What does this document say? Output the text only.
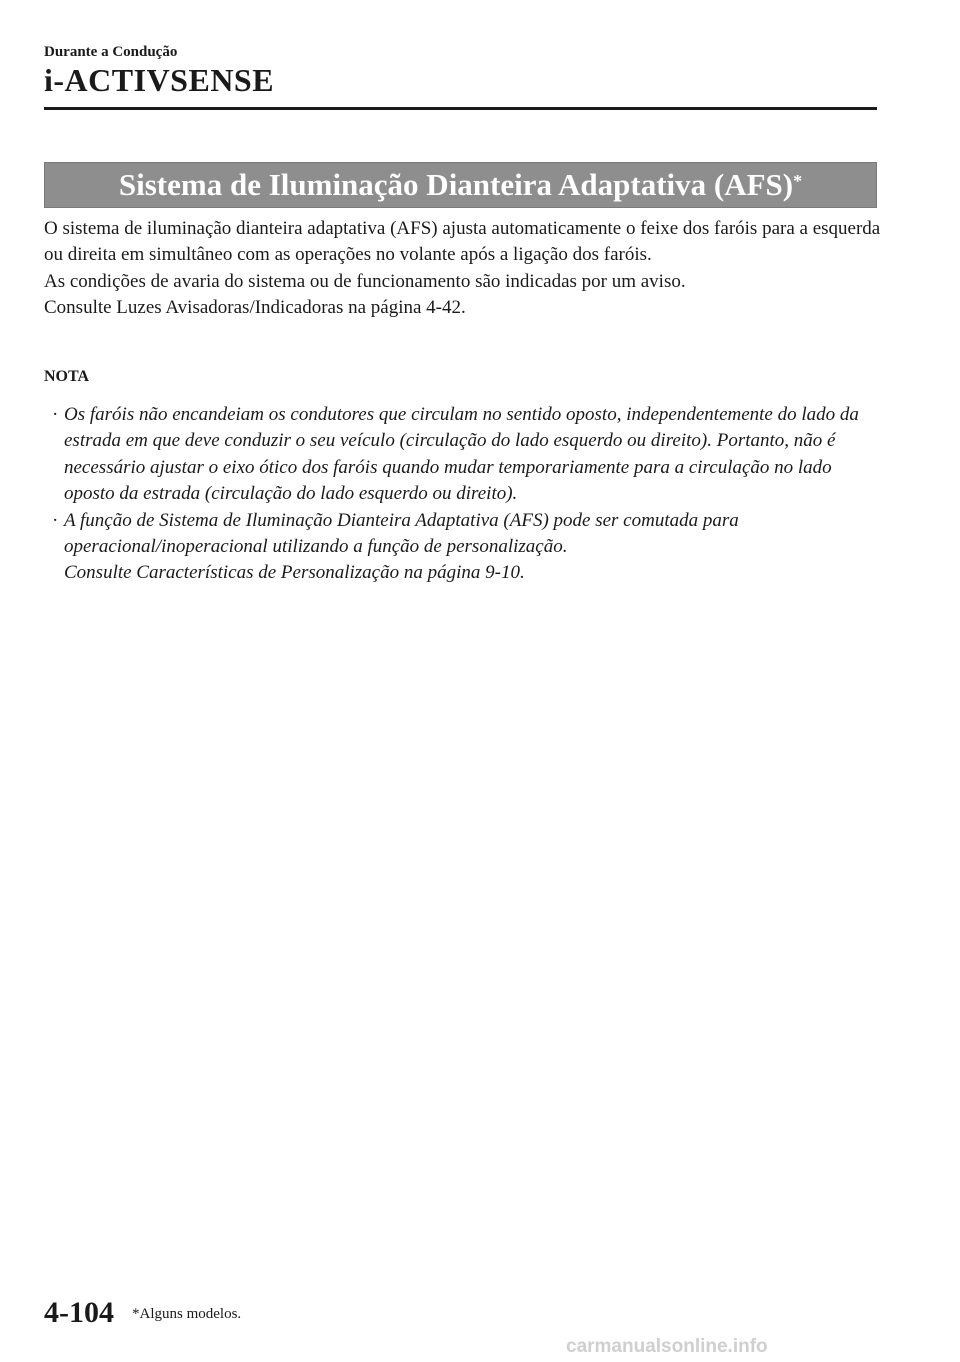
Durante a Condução
i-ACTIVSENSE
Sistema de Iluminação Dianteira Adaptativa (AFS)*

O sistema de iluminação dianteira adaptativa (AFS) ajusta automaticamente o feixe dos faróis para a esquerda ou direita em simultâneo com as operações no volante após a ligação dos faróis.
As condições de avaria do sistema ou de funcionamento são indicadas por um aviso.
Consulte Luzes Avisadoras/Indicadoras na página 4-42.

NOTA
· Os faróis não encandeiam os condutores que circulam no sentido oposto, independentemente do lado da estrada em que deve conduzir o seu veículo (circulação do lado esquerdo ou direito). Portanto, não é necessário ajustar o eixo ótico dos faróis quando mudar temporariamente para a circulação no lado oposto da estrada (circulação do lado esquerdo ou direito).
· A função de Sistema de Iluminação Dianteira Adaptativa (AFS) pode ser comutada para operacional/inoperacional utilizando a função de personalização.
Consulte Características de Personalização na página 9-10.
4-104 *Alguns modelos.
carmanualsonline.info
